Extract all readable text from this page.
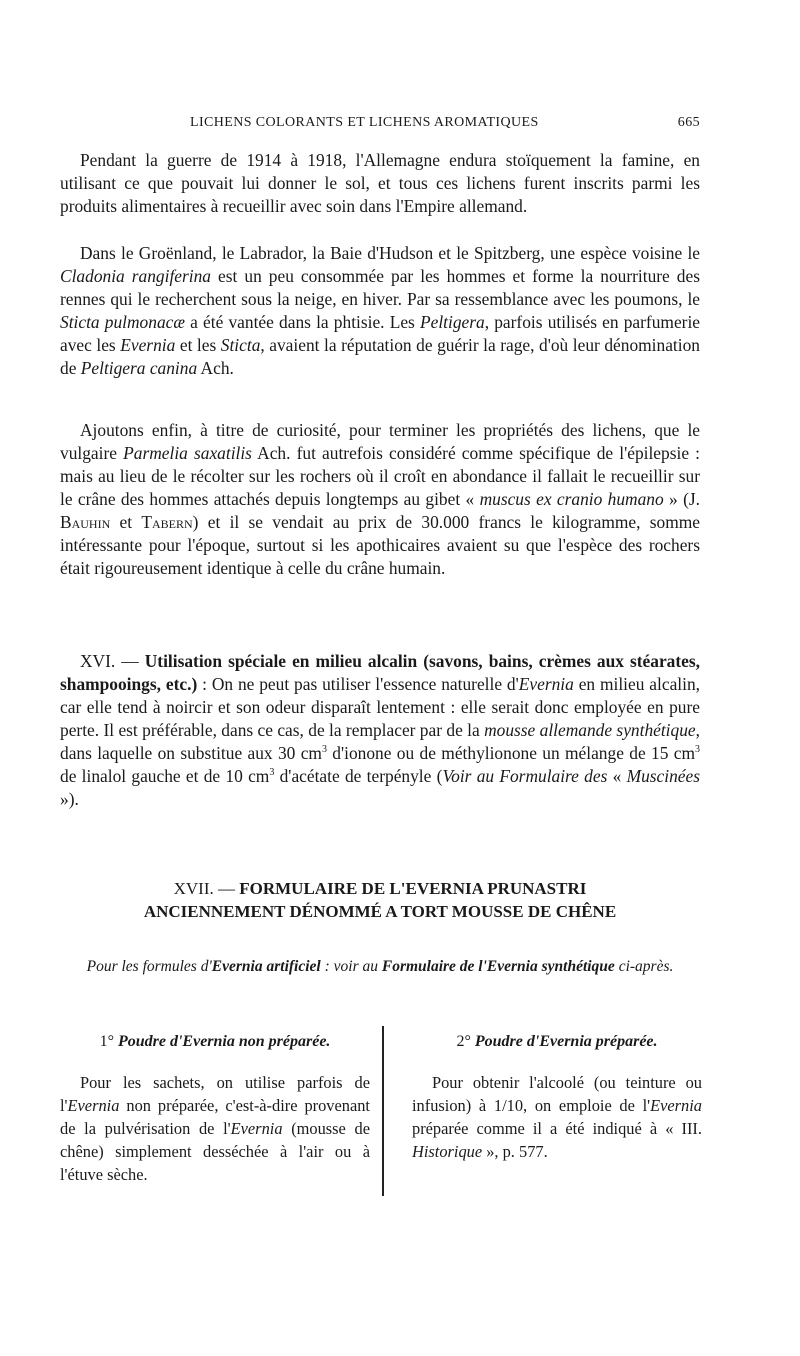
LICHENS COLORANTS ET LICHENS AROMATIQUES	665

Pendant la guerre de 1914 à 1918, l'Allemagne endura stoïquement la famine, en utilisant ce que pouvait lui donner le sol, et tous ces lichens furent inscrits parmi les produits alimentaires à recueillir avec soin dans l'Empire allemand.

Dans le Groënland, le Labrador, la Baie d'Hudson et le Spitzberg, une espèce voisine le Cladonia rangiferina est un peu consommée par les hommes et forme la nourriture des rennes qui le recherchent sous la neige, en hiver. Par sa ressemblance avec les poumons, le Sticta pulmonacæ a été vantée dans la phtisie. Les Peltigera, parfois utilisés en parfumerie avec les Evernia et les Sticta, avaient la réputation de guérir la rage, d'où leur dénomination de Peltigera canina Ach.

Ajoutons enfin, à titre de curiosité, pour terminer les propriétés des lichens, que le vulgaire Parmelia saxatilis Ach. fut autrefois considéré comme spécifique de l'épilepsie : mais au lieu de le récolter sur les rochers où il croît en abondance il fallait le recueillir sur le crâne des hommes attachés depuis longtemps au gibet « muscus ex cranio humano » (J. Bauhin et Tabern) et il se vendait au prix de 30.000 francs le kilogramme, somme intéressante pour l'époque, surtout si les apothicaires avaient su que l'espèce des rochers était rigoureusement identique à celle du crâne humain.

XVI. — Utilisation spéciale en milieu alcalin (savons, bains, crèmes aux stéarates, shampooings, etc.) : On ne peut pas utiliser l'essence naturelle d'Evernia en milieu alcalin, car elle tend à noircir et son odeur disparaît lentement : elle serait donc employée en pure perte. Il est préférable, dans ce cas, de la remplacer par de la mousse allemande synthétique, dans laquelle on substitue aux 30 $cm^3$ d'ionone ou de méthylionone un mélange de 15 $cm^3$ de linalol gauche et de 10 $cm^3$ d'acétate de terpényle (Voir au Formulaire des « Muscinées »).

XVII. — FORMULAIRE DE L'EVERNIA PRUNASTRI
ANCIENNEMENT DÉNOMMÉ A TORT MOUSSE DE CHÊNE
Pour les formules d'Evernia artificiel : voir au Formulaire de l'Evernia synthétique ci-après.
1° Poudre d'Evernia non préparée.

Pour les sachets, on utilise parfois de l'Evernia non préparée, c'est-à-dire provenant de la pulvérisation de l'Evernia (mousse de chêne) simplement desséchée à l'air ou à l'étuve sèche.

2° Poudre d'Evernia préparée.

Pour obtenir l'alcoolé (ou teinture ou infusion) à 1/10, on emploie de l'Evernia préparée comme il a été indiqué à « III. Historique », p. 577.
